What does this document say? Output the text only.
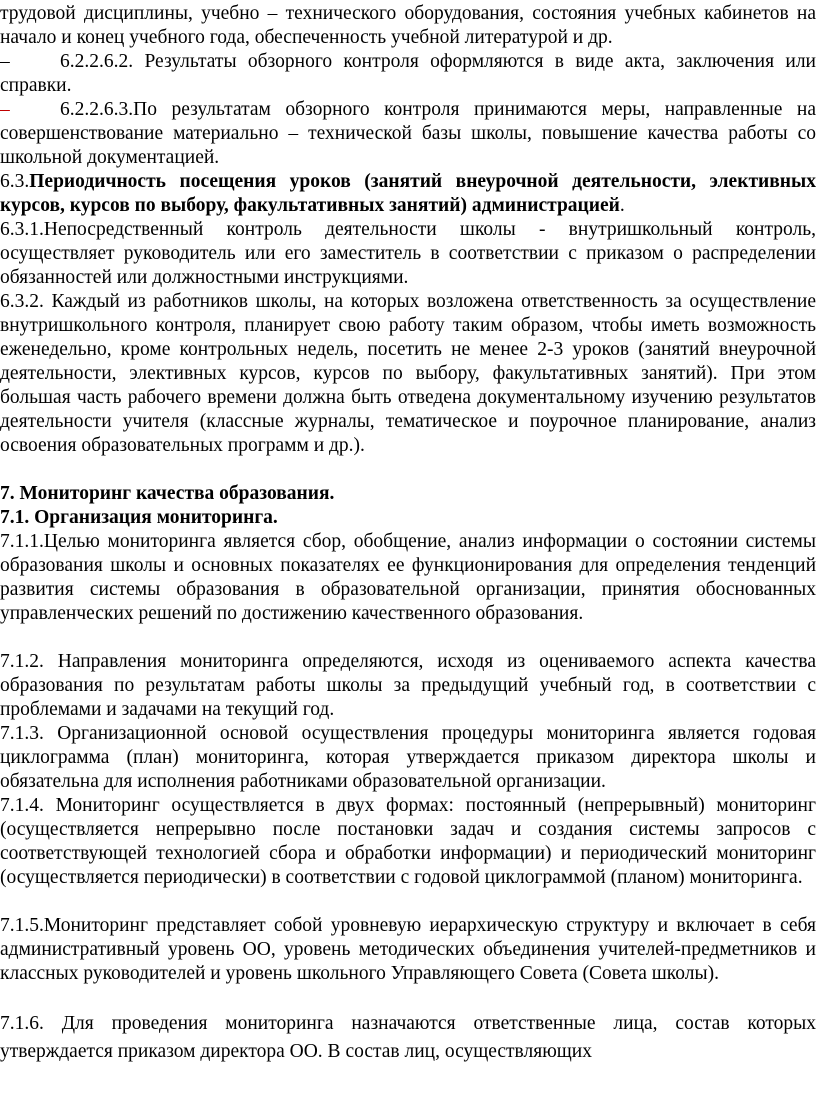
трудовой дисциплины, учебно – технического оборудования, состояния учебных кабинетов на начало и конец учебного года, обеспеченность учебной литературой и др.

–	6.2.2.6.2. Результаты обзорного контроля оформляются в виде акта, заключения или справки.

–	6.2.2.6.3.По результатам обзорного контроля принимаются меры, направленные на совершенствование материально – технической базы школы, повышение качества работы со школьной документацией.

6.3.Периодичность посещения уроков (занятий внеурочной деятельности, элективных курсов, курсов по выбору, факультативных занятий) администрацией.

6.3.1.Непосредственный контроль деятельности школы - внутришкольный контроль, осуществляет руководитель или его заместитель в соответствии с приказом о распределении обязанностей или должностными инструкциями.

6.3.2. Каждый из работников школы, на которых возложена ответственность за осуществление внутришкольного контроля, планирует свою работу таким образом, чтобы иметь возможность еженедельно, кроме контрольных недель, посетить не менее 2-3 уроков (занятий внеурочной деятельности, элективных курсов, курсов по выбору, факультативных занятий). При этом большая часть рабочего времени должна быть отведена документальному изучению результатов деятельности учителя (классные журналы, тематическое и поурочное планирование, анализ освоения образовательных программ и др.).

7. Мониторинг качества образования.

7.1. Организация мониторинга.

7.1.1.Целью мониторинга является сбор, обобщение, анализ информации о состоянии системы образования школы и основных показателях ее функционирования для определения тенденций развития системы образования в образовательной организации, принятия обоснованных управленческих решений по достижению качественного образования.

7.1.2. Направления мониторинга определяются, исходя из оцениваемого аспекта качества образования по результатам работы школы за предыдущий учебный год, в соответствии с проблемами и задачами на текущий год.

7.1.3. Организационной основой осуществления процедуры мониторинга является годовая циклограмма (план) мониторинга, которая утверждается приказом директора школы и обязательна для исполнения работниками образовательной организации.

7.1.4. Мониторинг осуществляется в двух формах: постоянный (непрерывный) мониторинг (осуществляется непрерывно после постановки задач и создания системы запросов с соответствующей технологией сбора и обработки информации) и периодический мониторинг (осуществляется периодически) в соответствии с годовой циклограммой (планом) мониторинга.

7.1.5.Мониторинг представляет собой уровневую иерархическую структуру и включает в себя административный уровень ОО, уровень методических объединения учителей-предметников и классных руководителей и уровень школьного Управляющего Совета (Совета школы).

7.1.6. Для проведения мониторинга назначаются ответственные лица, состав которых утверждается приказом директора ОО. В состав лиц, осуществляющих
